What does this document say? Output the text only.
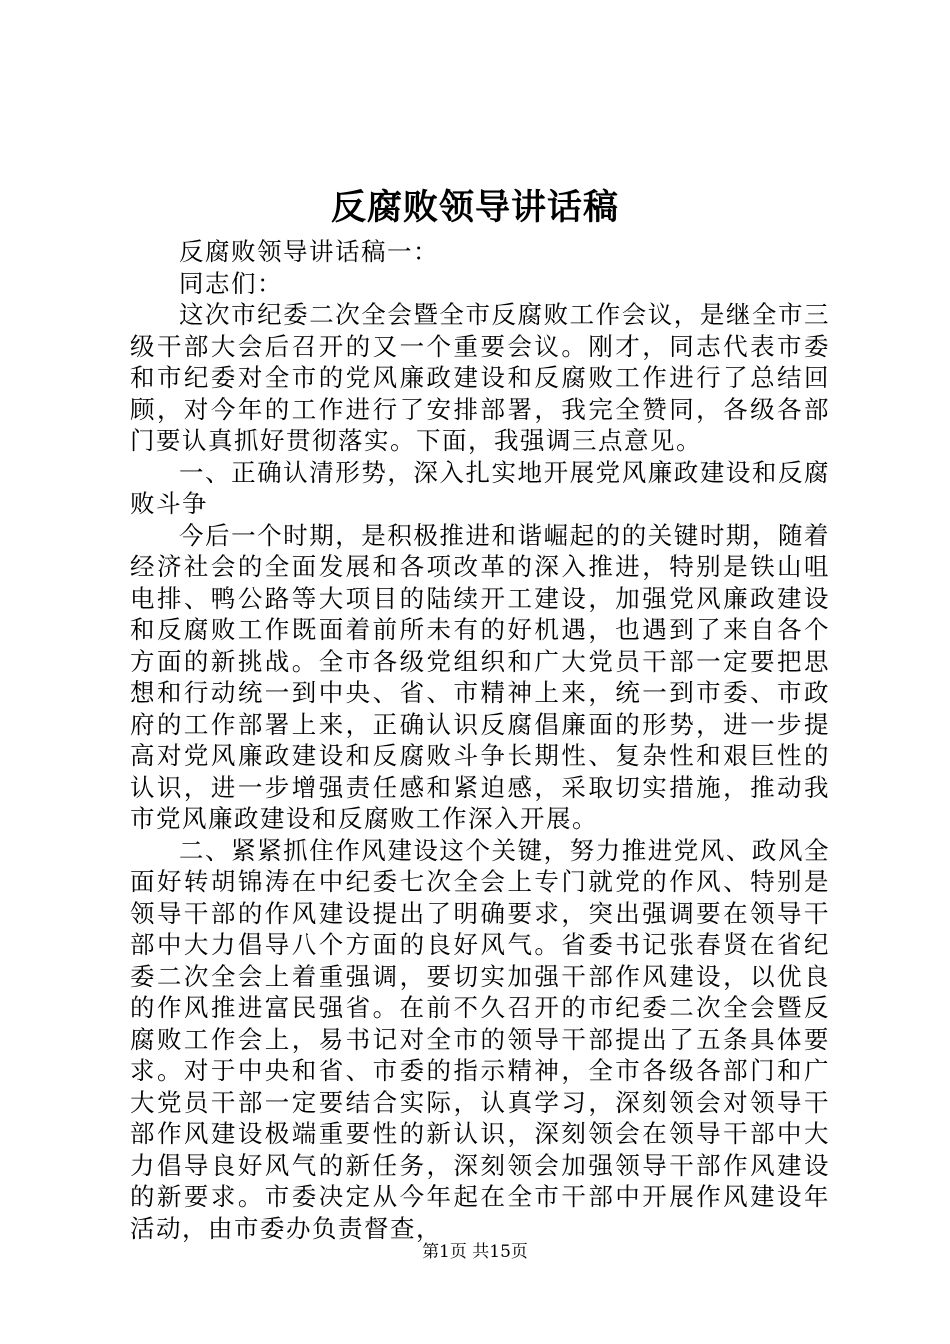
反腐败领导讲话稿

反腐败领导讲话稿一：

同志们：

这次市纪委二次全会暨全市反腐败工作会议，是继全市三级干部大会后召开的又一个重要会议。刚才，同志代表市委和市纪委对全市的党风廉政建设和反腐败工作进行了总结回顾，对今年的工作进行了安排部署，我完全赞同，各级各部门要认真抓好贯彻落实。下面，我强调三点意见。

一、正确认清形势，深入扎实地开展党风廉政建设和反腐败斗争

今后一个时期，是积极推进和谐崛起的的关键时期，随着经济社会的全面发展和各项改革的深入推进，特别是铁山咀电排、鸭公路等大项目的陆续开工建设，加强党风廉政建设和反腐败工作既面着前所未有的好机遇，也遇到了来自各个方面的新挑战。全市各级党组织和广大党员干部一定要把思想和行动统一到中央、省、市精神上来，统一到市委、市政府的工作部署上来，正确认识反腐倡廉面的形势，进一步提高对党风廉政建设和反腐败斗争长期性、复杂性和艰巨性的认识，进一步增强责任感和紧迫感，采取切实措施，推动我市党风廉政建设和反腐败工作深入开展。

二、紧紧抓住作风建设这个关键，努力推进党风、政风全面好转胡锦涛在中纪委七次全会上专门就党的作风、特别是领导干部的作风建设提出了明确要求，突出强调要在领导干部中大力倡导八个方面的良好风气。省委书记张春贤在省纪委二次全会上着重强调，要切实加强干部作风建设，以优良的作风推进富民强省。在前不久召开的市纪委二次全会暨反腐败工作会上，易书记对全市的领导干部提出了五条具体要求。对于中央和省、市委的指示精神，全市各级各部门和广大党员干部一定要结合实际，认真学习，深刻领会对领导干部作风建设极端重要性的新认识，深刻领会在领导干部中大力倡导良好风气的新任务，深刻领会加强领导干部作风建设的新要求。市委决定从今年起在全市干部中开展作风建设年活动，由市委办负责督查，

第1页 共15页
